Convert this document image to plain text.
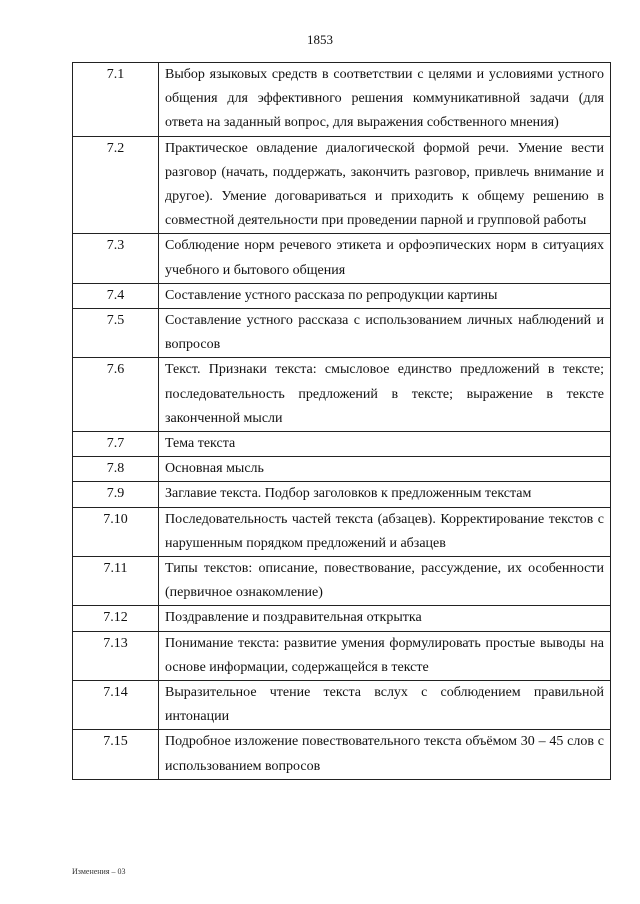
1853
7.1	Выбор языковых средств в соответствии с целями и условиями устного общения для эффективного решения коммуникативной задачи (для ответа на заданный вопрос, для выражения собственного мнения)
7.2	Практическое овладение диалогической формой речи. Умение вести разговор (начать, поддержать, закончить разговор, привлечь внимание и другое). Умение договариваться и приходить к общему решению в совместной деятельности при проведении парной и групповой работы
7.3	Соблюдение норм речевого этикета и орфоэпических норм в ситуациях учебного и бытового общения
7.4	Составление устного рассказа по репродукции картины
7.5	Составление устного рассказа с использованием личных наблюдений и вопросов
7.6	Текст. Признаки текста: смысловое единство предложений в тексте; последовательность предложений в тексте; выражение в тексте законченной мысли
7.7	Тема текста
7.8	Основная мысль
7.9	Заглавие текста. Подбор заголовков к предложенным текстам
7.10	Последовательность частей текста (абзацев). Корректирование текстов с нарушенным порядком предложений и абзацев
7.11	Типы текстов: описание, повествование, рассуждение, их особенности (первичное ознакомление)
7.12	Поздравление и поздравительная открытка
7.13	Понимание текста: развитие умения формулировать простые выводы на основе информации, содержащейся в тексте
7.14	Выразительное чтение текста вслух с соблюдением правильной интонации
7.15	Подробное изложение повествовательного текста объёмом 30 – 45 слов с использованием вопросов
Изменения – 03
